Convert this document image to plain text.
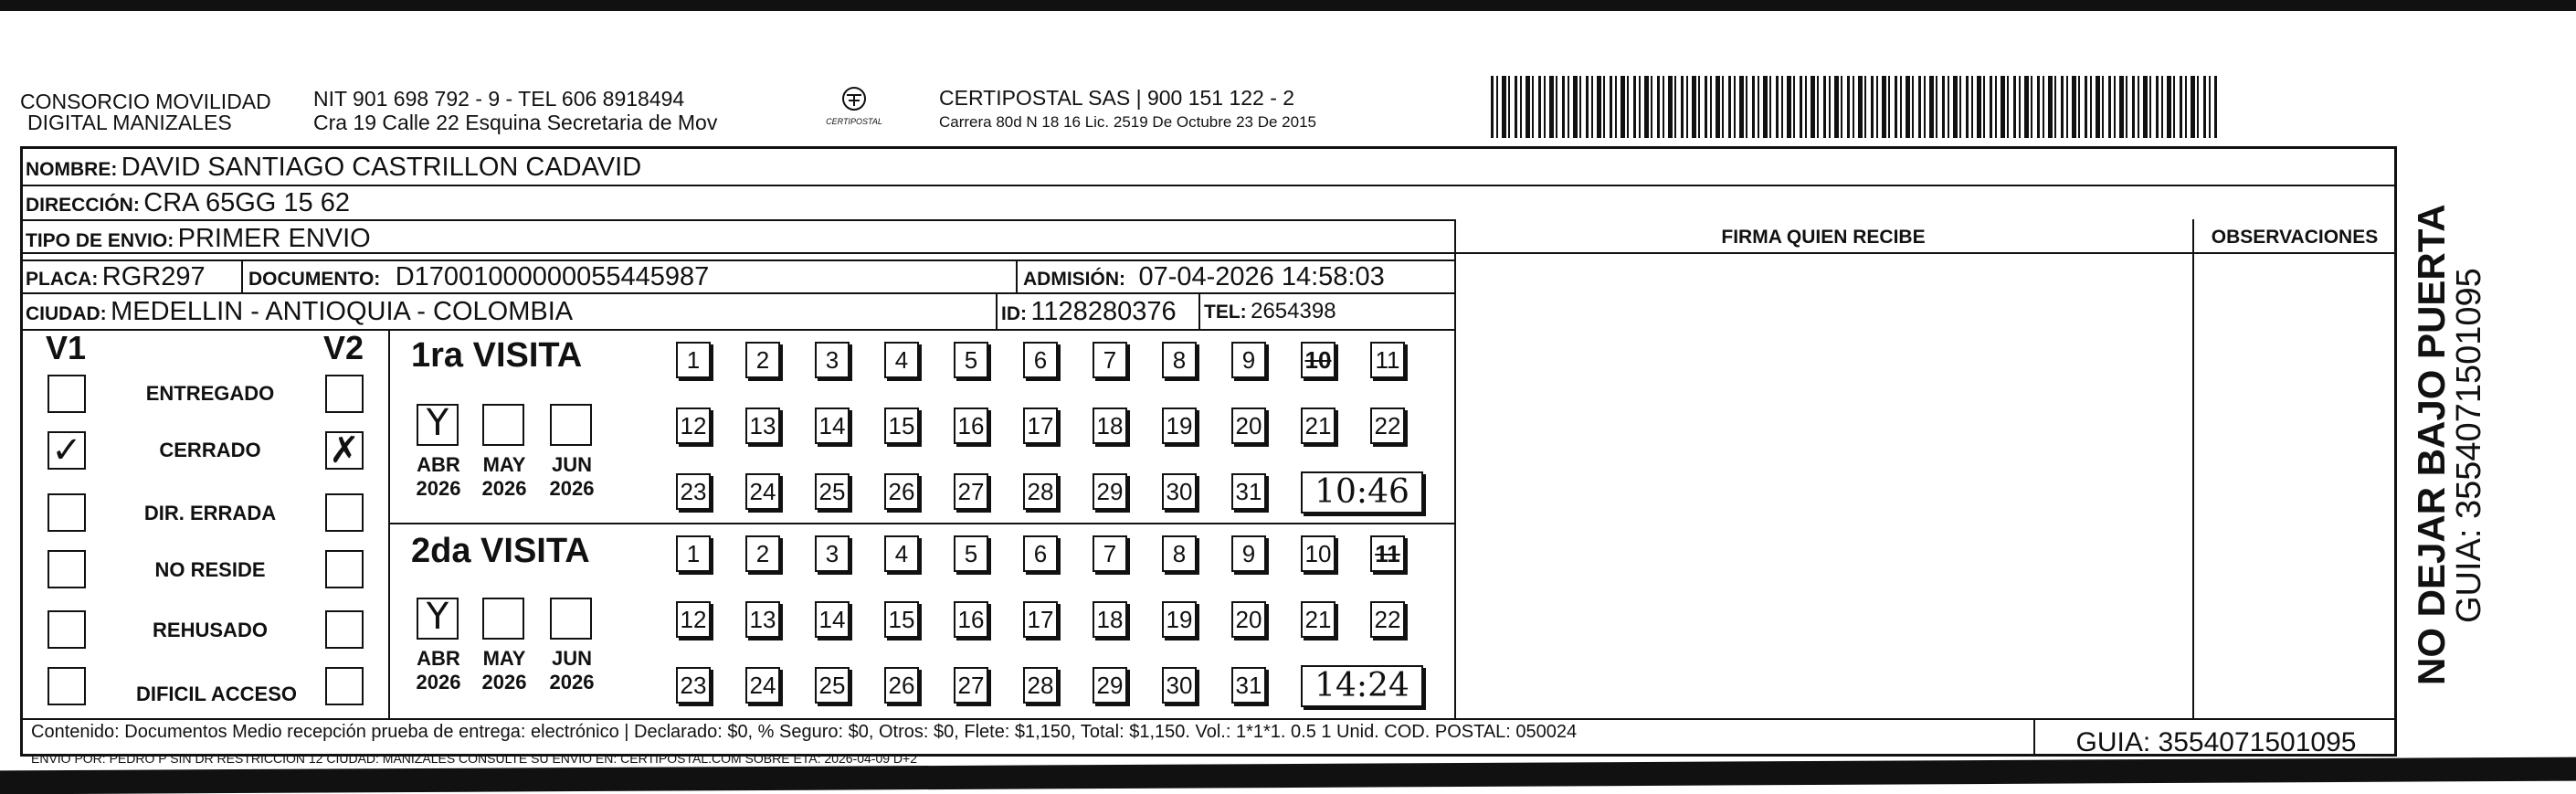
CONSORCIO MOVILIDAD
DIGITAL MANIZALES
NIT 901 698 792 - 9 - TEL 606 8918494
Cra 19 Calle 22 Esquina Secretaria de Mov	CERTIPOSTAL
CERTIPOSTAL SAS | 900 151 122 - 2
Carrera 80d N 18 16 Lic. 2519 De Octubre 23 De 2015
NOMBRE: DAVID SANTIAGO CASTRILLON CADAVID
DIRECCIÓN: CRA 65GG 15 62
TIPO DE ENVIO: PRIMER ENVIO
PLACA: RGR297 DOCUMENTO: D17001000000055445987	ADMISIÓN: 07-04-2026 14:58:03
CIUDAD: MEDELLIN - ANTIOQUIA - COLOMBIA	ID: 1128280376 TEL: 2654398
FIRMA QUIEN RECIBE	OBSERVACIONES
V1	V2
ENTREGADO
✓	CERRADO	✗
DIR. ERRADA
NO RESIDE
REHUSADO
DIFICIL ACCESO
1ra VISITA
Y
ABR
2026
MAY
2026
JUN
2026
1	2	3	4	5	6	7	8	9	10 11
12 13 14 15 16 17 18 19 20 21 22
23 24 25 26 27 28 29 30 31	10:46
2da VISITA
Y
ABR
2026
MAY
2026
JUN
2026
1	2	3	4	5	6	7	8	9	10 11
12 13 14 15 16 17 18 19 20 21 22
23 24 25 26 27 28 29 30 31	14:24
Contenido: Documentos Medio recepción prueba de entrega: electrónico | Declarado: $0, % Seguro: $0, Otros: $0, Flete: $1,150, Total: $1,150. Vol.: 1*1*1. 0.5 1 Unid. COD. POSTAL: 050024
ENVIO POR: PEDRO P SIN DR RESTRICCION 12 CIUDAD: MANIZALES CONSULTE SU ENVIO EN: CERTIPOSTAL.COM SOBRE ETA: 2026-04-09 D+2
GUIA: 3554071501095
NO DEJAR BAJO PUERTA
GUIA: 3554071501095
